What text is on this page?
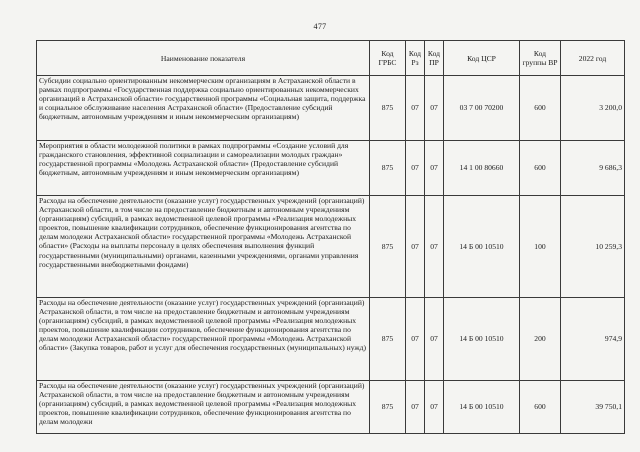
477
Наименование показателя	Код ГРБС	Код Рз	Код ПР	Код ЦСР	Код группы ВР	2022 год
Субсидии социально ориентированным некоммерческим организациям в Астраханской области в рамках подпрограммы «Государственная поддержка социально ориентированных некоммерческих организаций в Астраханской области» государственной программы «Социальная защита, поддержка и социальное обслуживание населения Астраханской области» (Предоставление субсидий бюджетным, автономным учреждениям и иным некоммерческим организациям)	875	07	07	03 7 00 70200	600	3 200,0
Мероприятия в области молодежной политики в рамках подпрограммы «Создание условий для гражданского становления, эффективной социализации и самореализации молодых граждан» государственной программы «Молодежь Астраханской области» (Предоставление субсидий бюджетным, автономным учреждениям и иным некоммерческим организациям)	875	07	07	14 1 00 80660	600	9 686,3
Расходы на обеспечение деятельности (оказание услуг) государственных учреждений (организаций) Астраханской области, в том числе на предоставление бюджетным и автономным учреждениям (организациям) субсидий, в рамках ведомственной целевой программы «Реализация молодежных проектов, повышение квалификации сотрудников, обеспечение функционирования агентства по делам молодежи Астраханской области» государственной программы «Молодежь Астраханской области» (Расходы на выплаты персоналу в целях обеспечения выполнения функций государственными (муниципальными) органами, казенными учреждениями, органами управления государственными внебюджетными фондами)	875	07	07	14 Б 00 10510	100	10 259,3
Расходы на обеспечение деятельности (оказание услуг) государственных учреждений (организаций) Астраханской области, в том числе на предоставление бюджетным и автономным учреждениям (организациям) субсидий, в рамках ведомственной целевой программы «Реализация молодежных проектов, повышение квалификации сотрудников, обеспечение функционирования агентства по делам молодежи Астраханской области» государственной программы «Молодежь Астраханской области» (Закупка товаров, работ и услуг для обеспечения государственных (муниципальных) нужд)	875	07	07	14 Б 00 10510	200	974,9
Расходы на обеспечение деятельности (оказание услуг) государственных учреждений (организаций) Астраханской области, в том числе на предоставление бюджетным и автономным учреждениям (организациям) субсидий, в рамках ведомственной целевой программы «Реализация молодежных проектов, повышение квалификации сотрудников, обеспечение функционирования агентства по делам молодежи	875	07	07	14 Б 00 10510	600	39 750,1
